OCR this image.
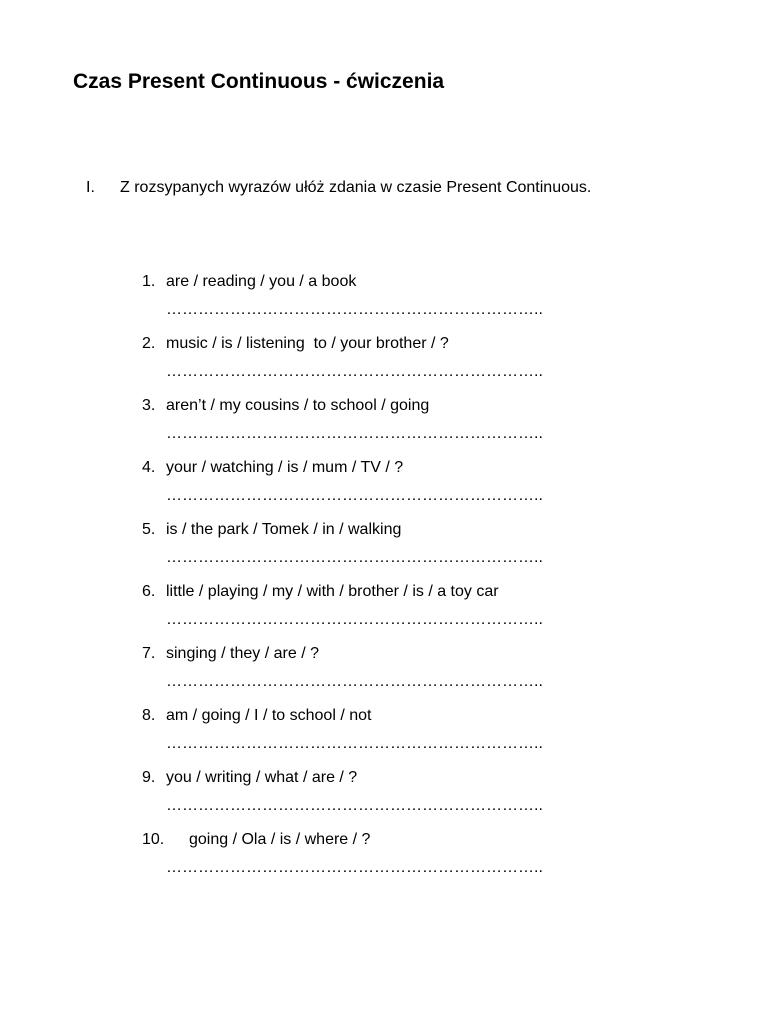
Czas Present Continuous - ćwiczenia
I. Z rozsypanych wyrazów ułóż zdania w czasie Present Continuous.
1. are / reading / you / a book
……………………………………………………………..
2. music / is / listening  to / your brother / ?
……………………………………………………………..
3. aren’t / my cousins / to school / going
……………………………………………………………..
4. your / watching / is / mum / TV / ?
……………………………………………………………..
5. is / the park / Tomek / in / walking
……………………………………………………………..
6. little / playing / my / with / brother / is / a toy car
……………………………………………………………..
7. singing / they / are / ?
……………………………………………………………..
8. am / going / I / to school / not
……………………………………………………………..
9. you / writing / what / are / ?
……………………………………………………………..
10. going / Ola / is / where / ?
……………………………………………………………..
